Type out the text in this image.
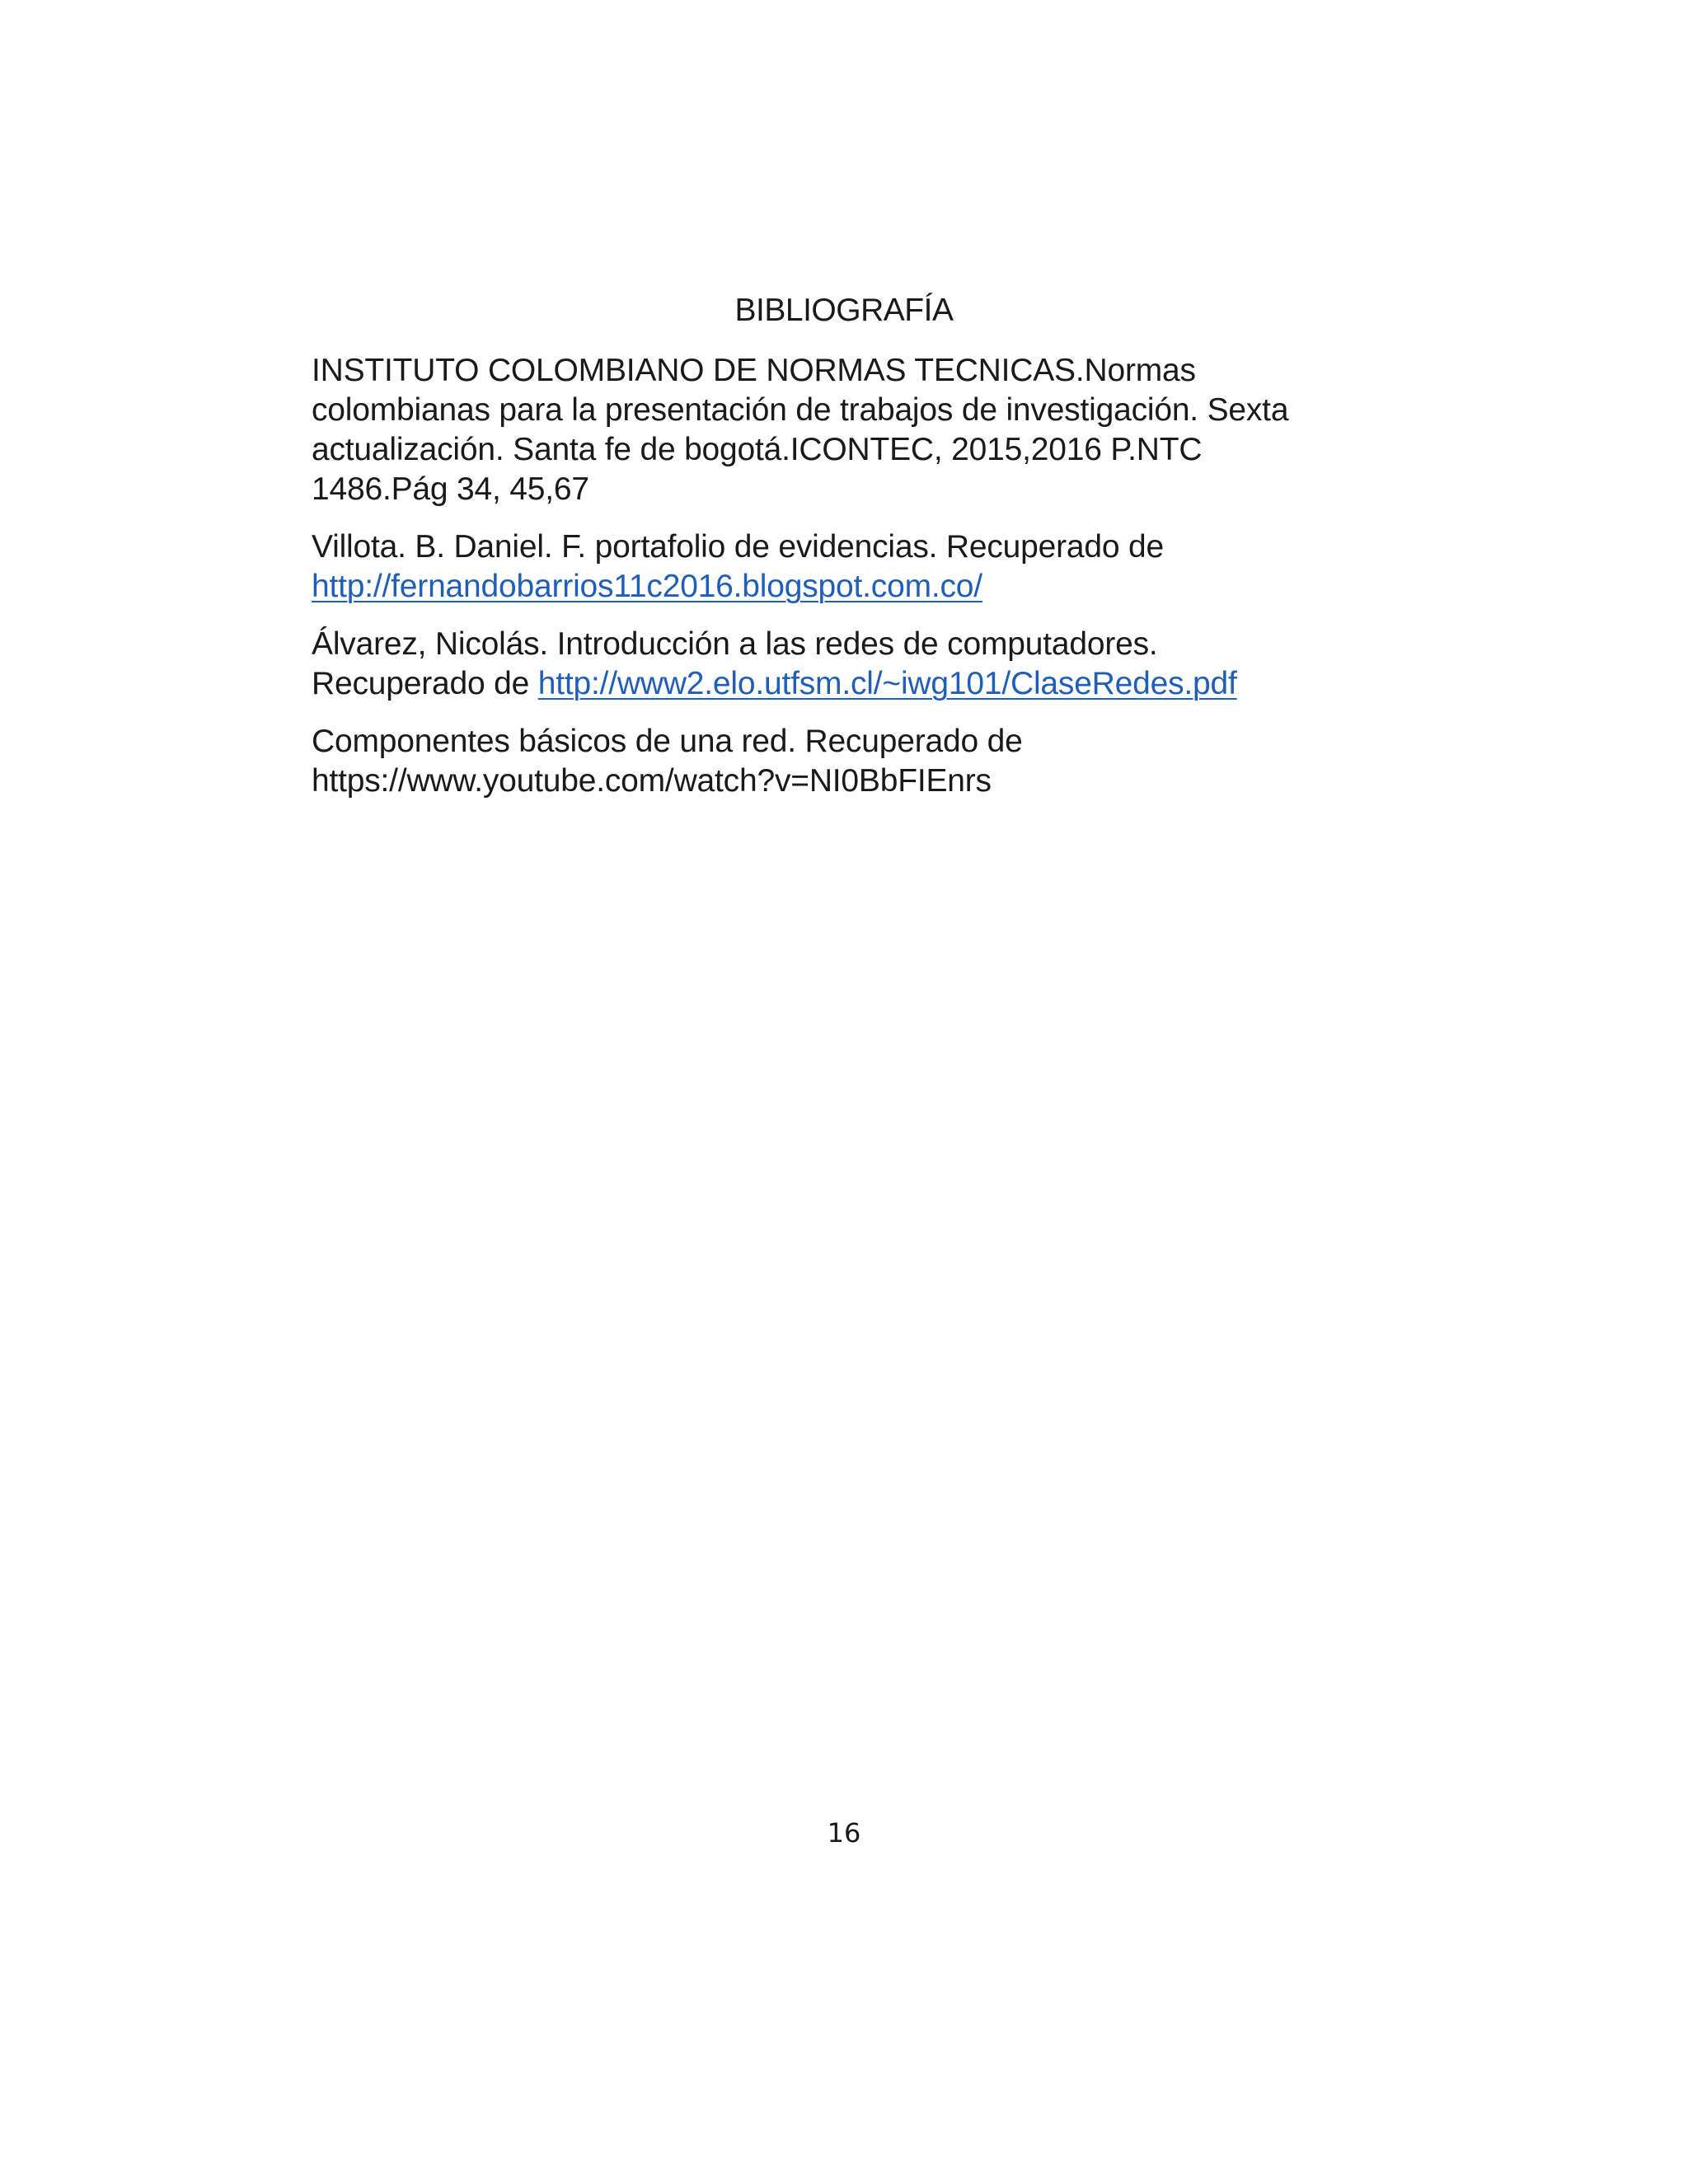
BIBLIOGRAFÍA
INSTITUTO COLOMBIANO DE NORMAS TECNICAS.Normas
colombianas para la presentación de trabajos de investigación. Sexta
actualización. Santa fe de bogotá.ICONTEC, 2015,2016 P.NTC
1486.Pág 34, 45,67
Villota. B. Daniel. F. portafolio de evidencias. Recuperado de
http://fernandobarrios11c2016.blogspot.com.co/
Álvarez, Nicolás. Introducción a las redes de computadores.
Recuperado de http://www2.elo.utfsm.cl/~iwg101/ClaseRedes.pdf
Componentes básicos de una red. Recuperado de
https://www.youtube.com/watch?v=NI0BbFIEnrs
16
